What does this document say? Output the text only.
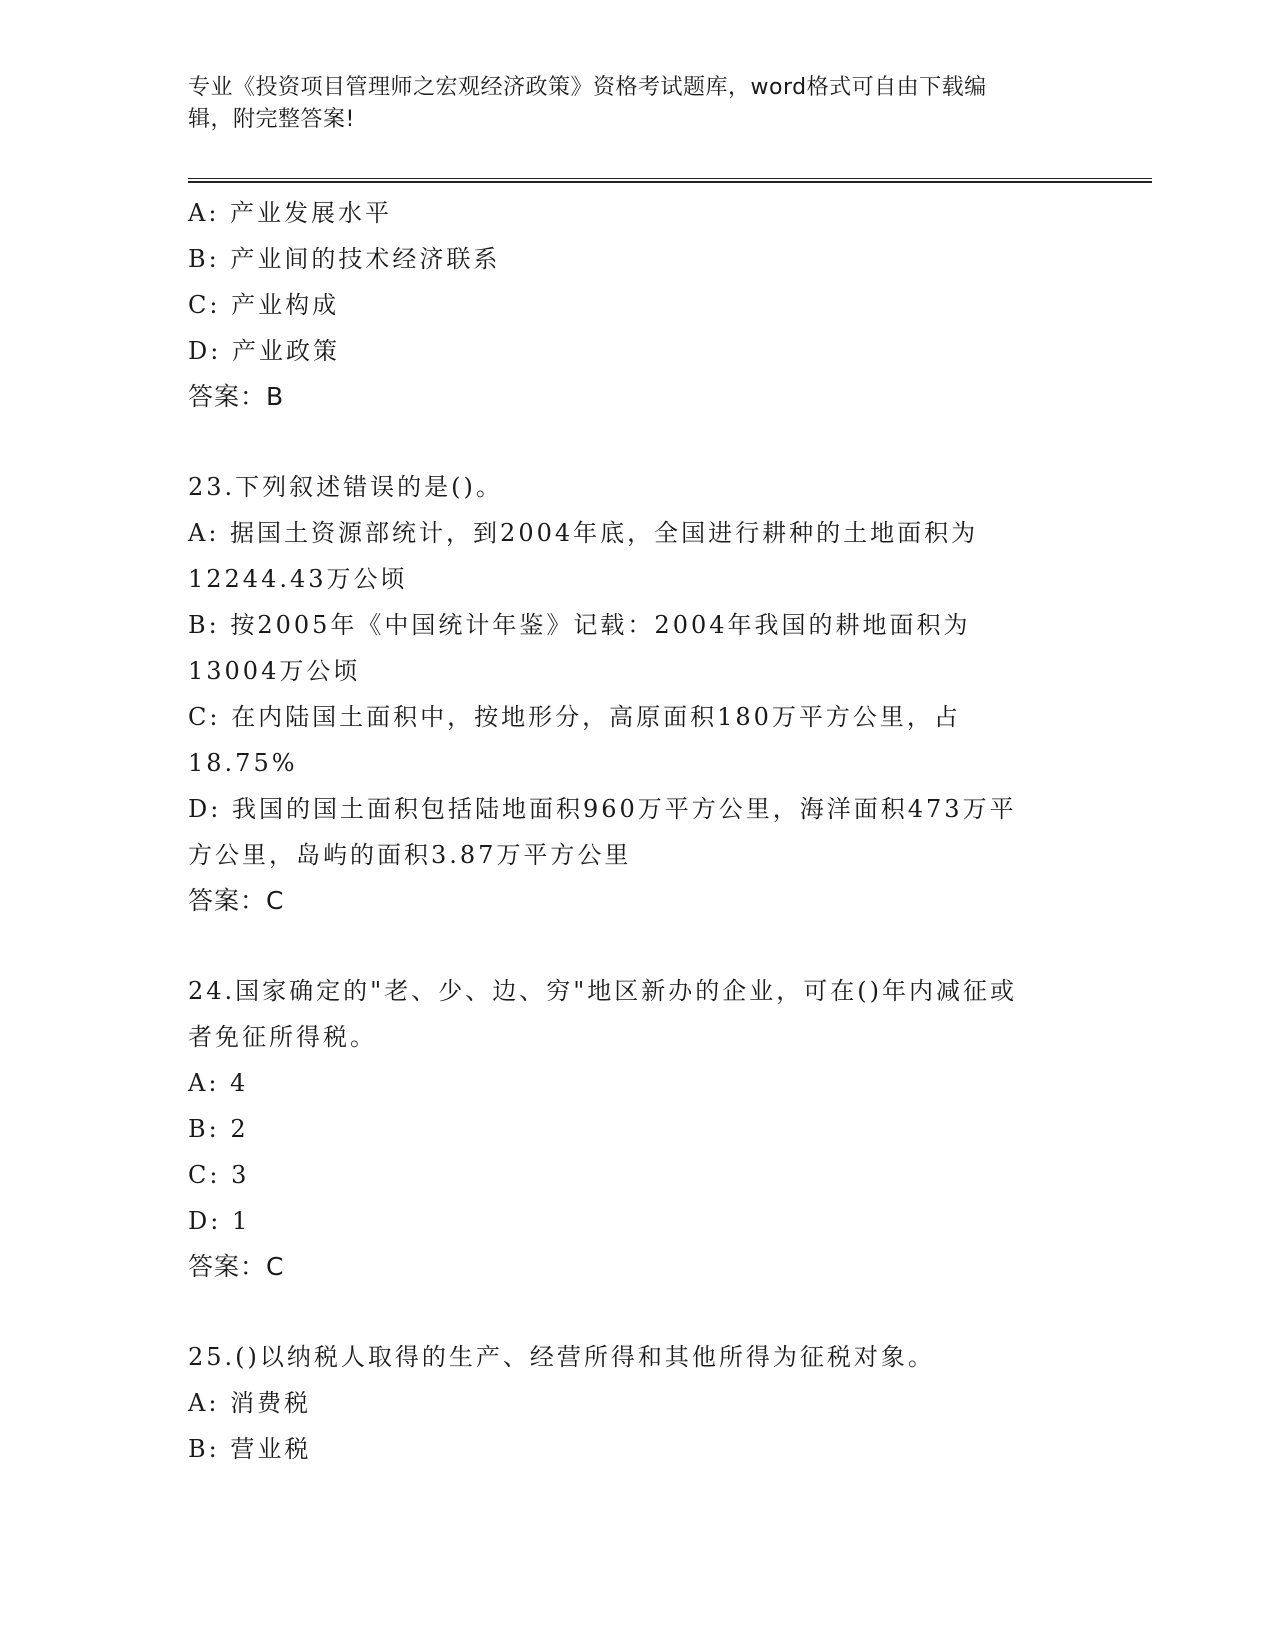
专业《投资项目管理师之宏观经济政策》资格考试题库，word格式可自由下载编
辑，附完整答案!
A: 产业发展水平
B: 产业间的技术经济联系
C: 产业构成
D: 产业政策
答案：B
23.下列叙述错误的是()。
A: 据国土资源部统计，到2004年底，全国进行耕种的土地面积为
12244.43万公顷
B: 按2005年《中国统计年鉴》记载：2004年我国的耕地面积为
13004万公顷
C: 在内陆国土面积中，按地形分，高原面积180万平方公里，占
18.75%
D: 我国的国土面积包括陆地面积960万平方公里，海洋面积473万平
方公里，岛屿的面积3.87万平方公里
答案：C
24.国家确定的"老、少、边、穷"地区新办的企业，可在()年内减征或
者免征所得税。
A: 4
B: 2
C: 3
D: 1
答案：C
25.()以纳税人取得的生产、经营所得和其他所得为征税对象。
A: 消费税
B: 营业税
